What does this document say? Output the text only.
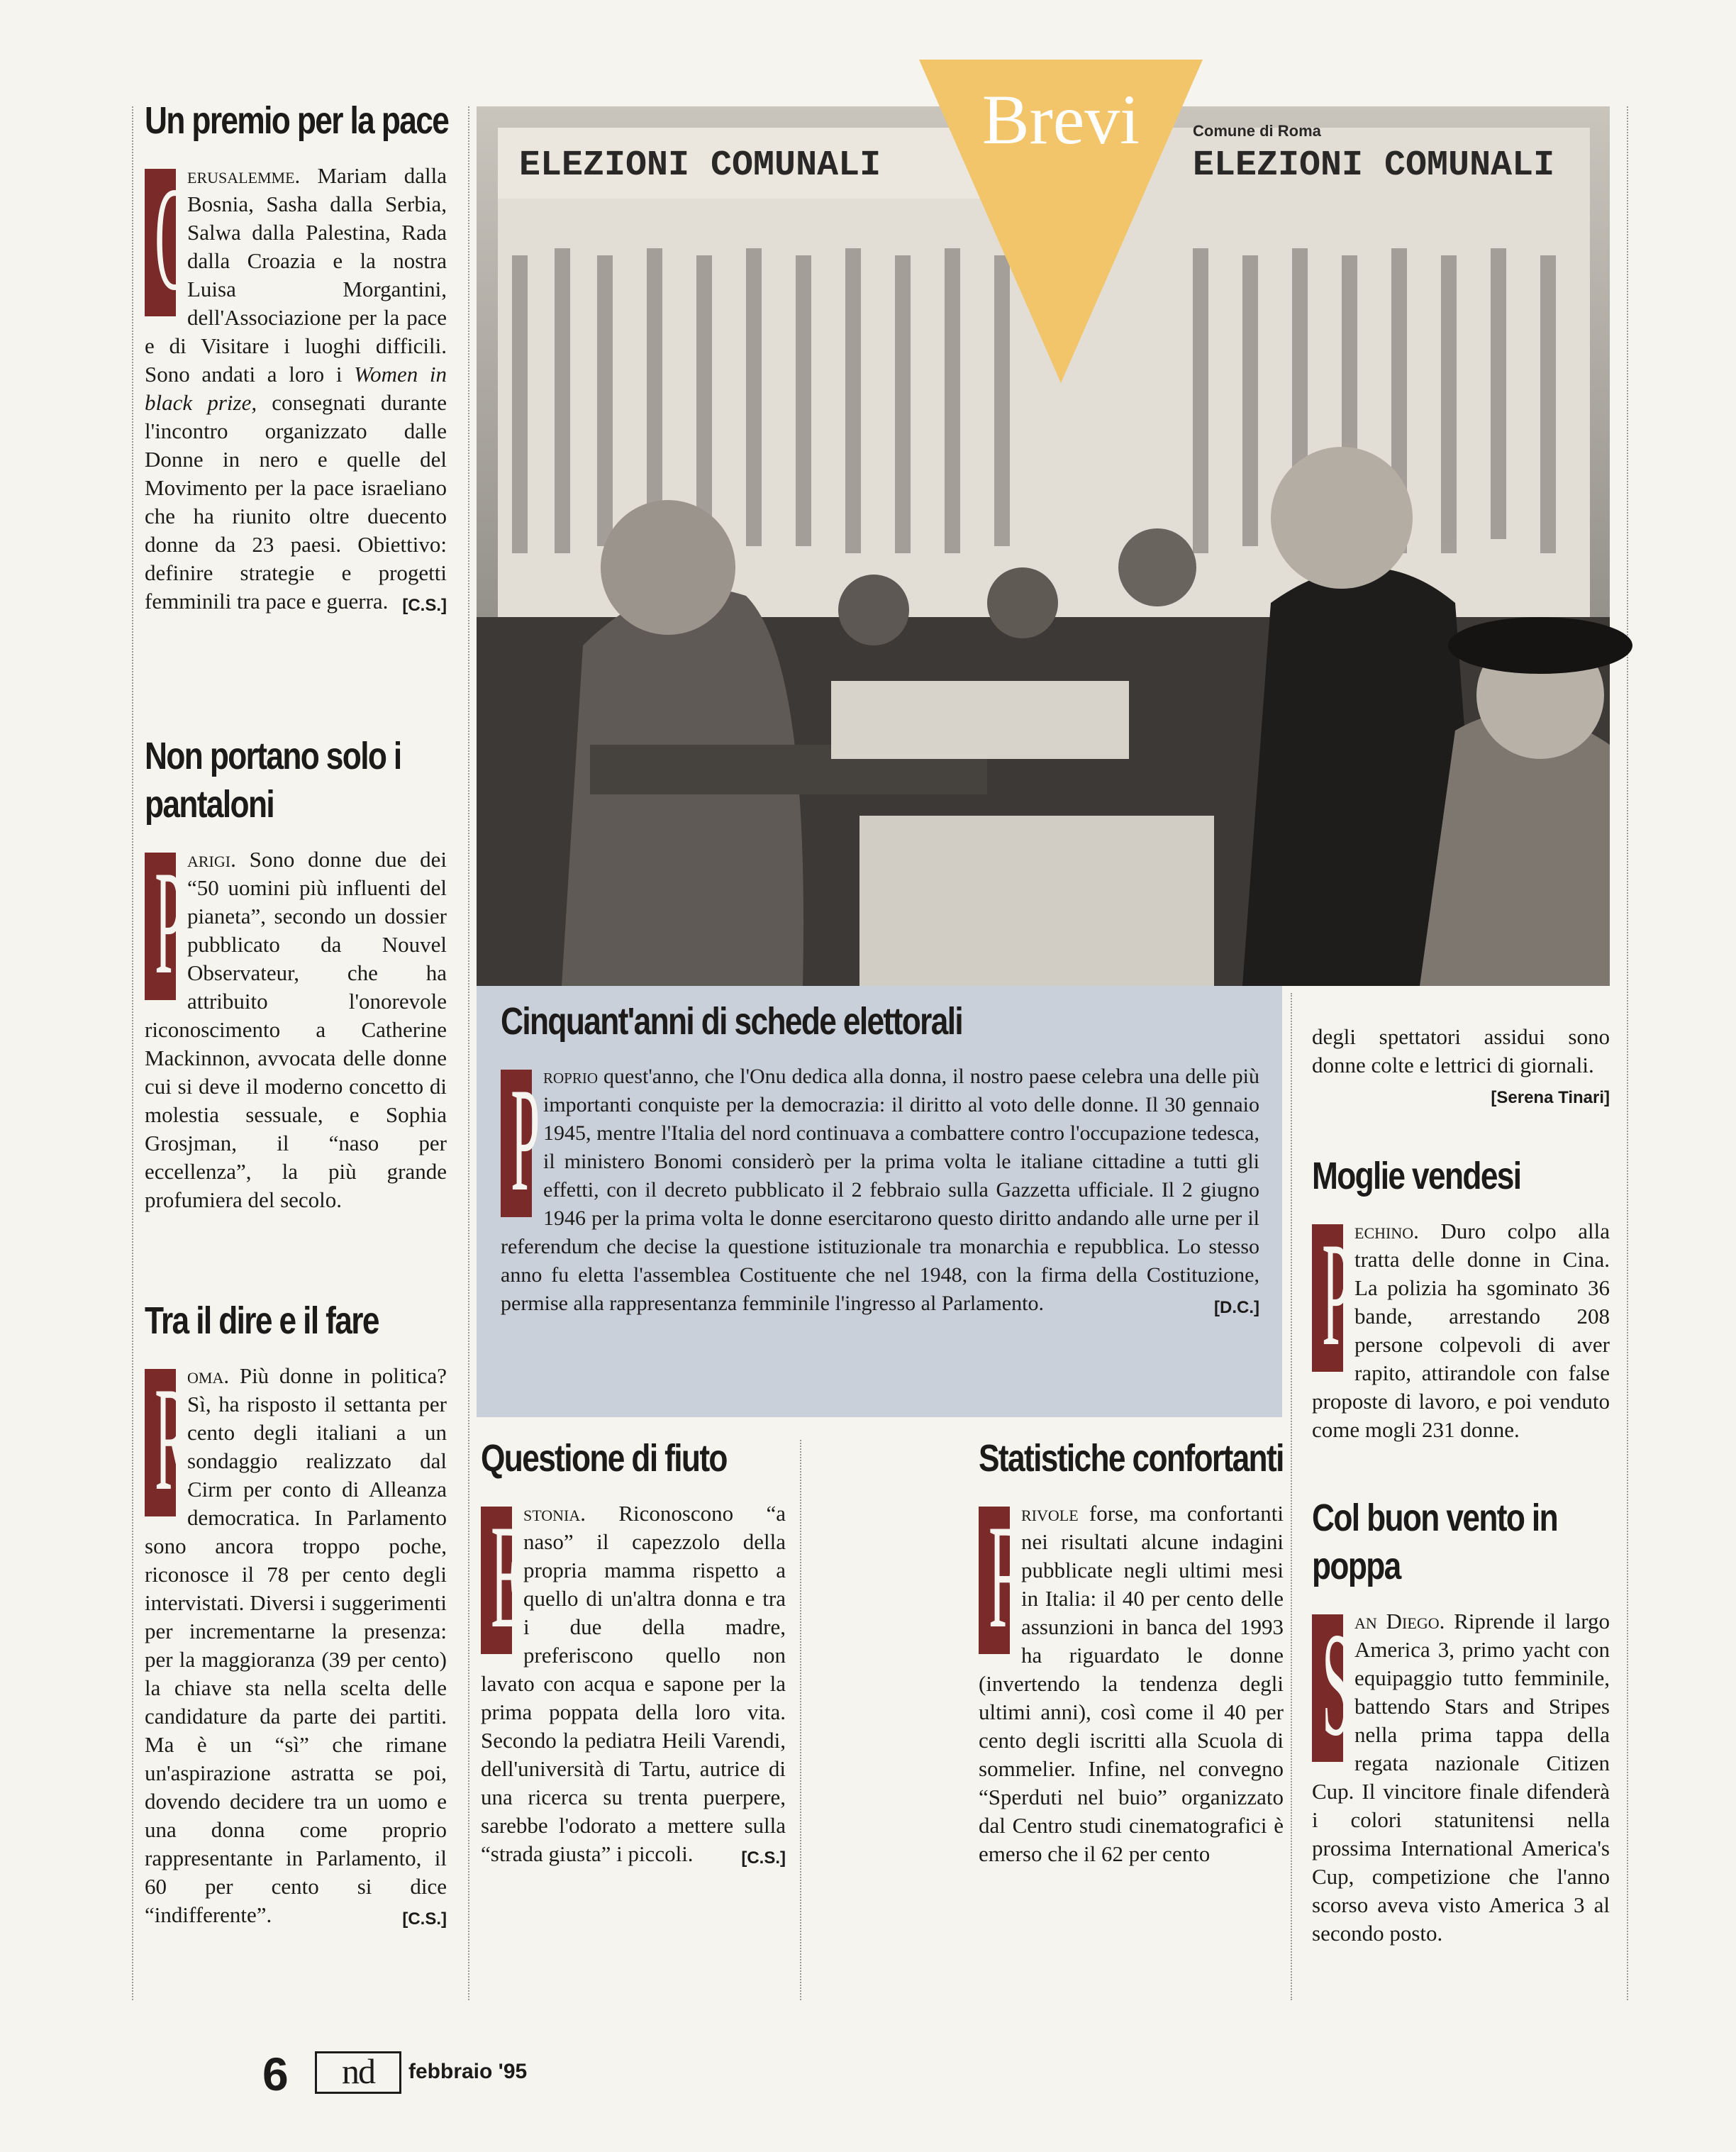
Un premio per la pace

G
erusalemme. Mariam dalla Bosnia, Sasha dalla Serbia, Salwa dalla Palestina, Rada dalla Croazia e la nostra Luisa Morgantini, dell'Associazione per la pace e di Visitare i luoghi difficili. Sono andati a loro i Women in black prize, consegnati durante l'incontro organizzato dalle Donne in nero e quelle del Movimento per la pace israeliano che ha riunito oltre duecento donne da 23 paesi. Obiettivo: definire strategie e progetti femminili tra pace e guerra. [C.S.]

Non portano solo i pantaloni

P arigi. Sono donne due dei “50 uomini più influenti del pianeta”, secondo un dossier pubblicato da Nouvel Observateur, che ha attribuito l'onorevole riconoscimento a Catherine Mackinnon, avvocata delle donne cui si deve il moderno concetto di molestia sessuale, e Sophia Grosjman, il “naso per eccellenza”, la più grande profumiera del secolo.

Tra il dire e il fare

R
oma. Più donne in politica? Sì, ha risposto il settanta per cento degli italiani a un sondaggio realizzato dal Cirm per conto di Alleanza democratica. In Parlamento sono ancora troppo poche, riconosce il 78 per cento degli intervistati. Diversi i suggerimenti per incrementarne la presenza: per la maggioranza (39 per cento) la chiave sta nella scelta delle candidature da parte dei partiti. Ma è un “sì” che rimane un'aspirazione astratta se poi, dovendo decidere tra un uomo e una donna come proprio rappresentante in Parlamento, il 60 per cento si dice “indifferente”.	[C.S.]

ELEZIONI COMUNALI
Comune di Roma
ELEZIONI COMUNALI
Brevi
Cinquant'anni di schede elettorali

P roprio quest'anno, che l'Onu dedica alla donna, il nostro paese celebra una delle più importanti conquiste per la democrazia: il diritto al voto delle donne. Il 30 gennaio 1945, mentre l'Italia del nord continuava a combattere contro l'occupazione tedesca, il ministero Bonomi considerò per la prima volta le italiane cittadine a tutti gli effetti, con il decreto pubblicato il 2 febbraio sulla Gazzetta ufficiale. Il 2 giugno 1946 per la prima volta le donne esercitarono questo diritto andando alle urne per il referendum che decise la questione istituzionale tra monarchia e repubblica. Lo stesso anno fu eletta l'assemblea Costituente che nel 1948, con la firma della Costituzione, permise alla rappresentanza femminile l'ingresso al Parlamento.	[D.C.]

Questione di fiuto

E stonia. Riconoscono “a naso” il capezzolo della propria mamma rispetto a quello di un'altra donna e tra i due della madre, preferiscono quello non lavato con acqua e sapone per la prima poppata della loro vita. Secondo la pediatra Heili Varendi, dell'università di Tartu, autrice di una ricerca su trenta puerpere, sarebbe l'odorato a mettere sulla “strada giusta” i piccoli.	[C.S.]

Statistiche confortanti

F rivole forse, ma confortanti nei risultati alcune indagini pubblicate negli ultimi mesi in Italia: il 40 per cento delle assunzioni in banca del 1993 ha riguardato le donne (invertendo la tendenza degli ultimi anni), così come il 40 per cento degli iscritti alla Scuola di sommelier. Infine, nel convegno “Sperduti nel buio” organizzato dal Centro studi cinematografici è emerso che il 62 per cento

degli spettatori assidui sono donne colte e lettrici di giornali.
[Serena Tinari]

Moglie vendesi

P echino. Duro colpo alla tratta delle donne in Cina. La polizia ha sgominato 36 bande, arrestando 208 persone colpevoli di aver rapito, attirandole con false proposte di lavoro, e poi venduto come mogli 231 donne.

Col buon vento in poppa

S an Diego. Riprende il largo America 3, primo yacht con equipaggio tutto femminile, battendo Stars and Stripes nella prima tappa della regata nazionale Citizen Cup. Il vincitore finale difenderà i colori statunitensi nella prossima International America's Cup, competizione che l'anno scorso aveva visto America 3 al secondo posto.

6	nd	febbraio '95
